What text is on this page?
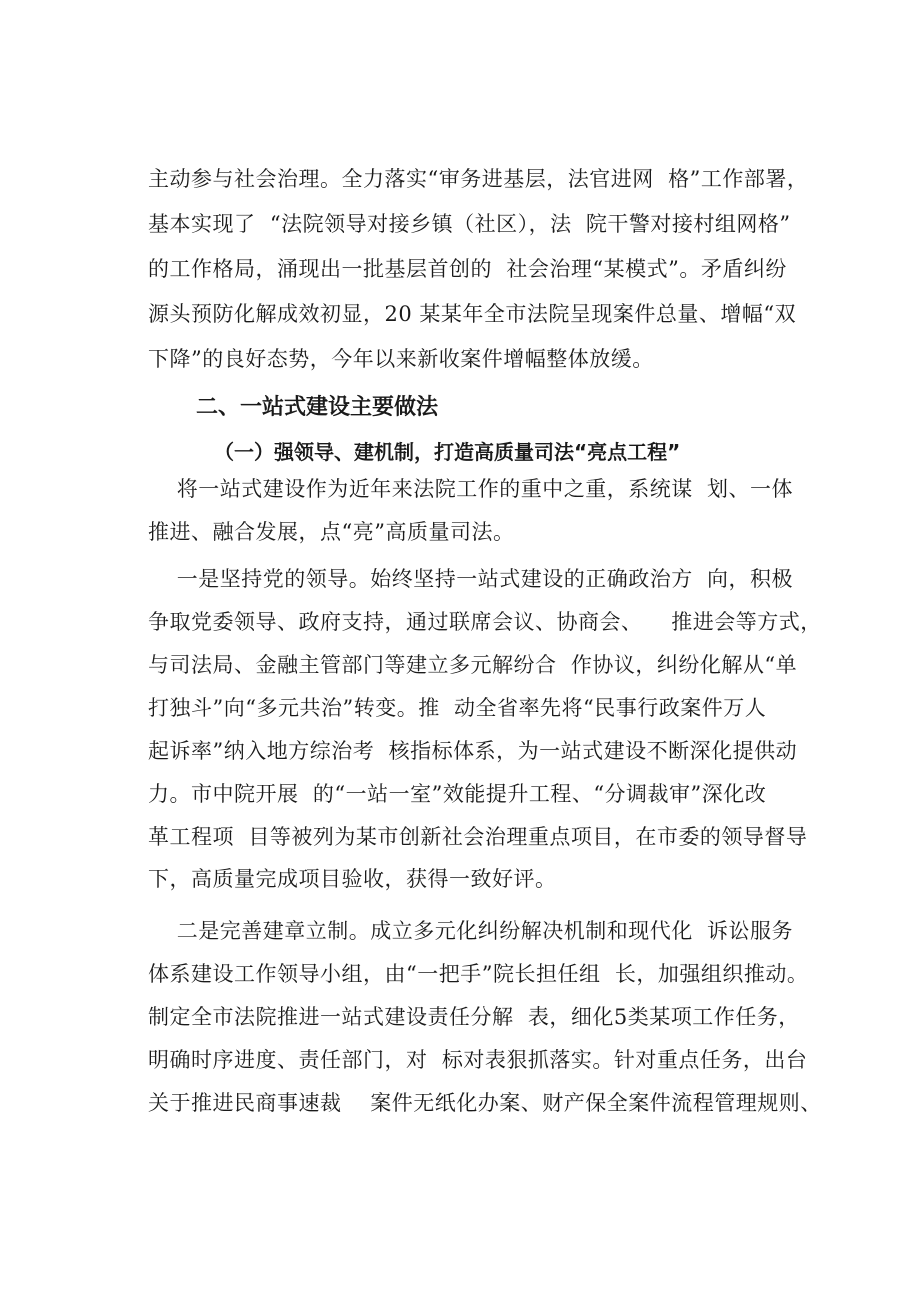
主动参与社会治理。全力落实“审务进基层，法官进网  格”工作部署，
基本实现了  “法院领导对接乡镇（社区），法  院干警对接村组网格”
的工作格局，涌现出一批基层首创的  社会治理“某模式”。矛盾纠纷
源头预防化解成效初显，20 某某年全市法院呈现案件总量、增幅“双
下降”的良好态势，今年以来新收案件增幅整体放缓。
二、一站式建设主要做法
（一）强领导、建机制，打造高质量司法“亮点工程”
将一站式建设作为近年来法院工作的重中之重，系统谋  划、一体
推进、融合发展，点“亮”高质量司法。
一是坚持党的领导。始终坚持一站式建设的正确政治方  向，积极
争取党委领导、政府支持，通过联席会议、协商会、    推进会等方式，
与司法局、金融主管部门等建立多元解纷合  作协议，纠纷化解从“单
打独斗”向“多元共治”转变。推  动全省率先将“民事行政案件万人
起诉率”纳入地方综治考  核指标体系，为一站式建设不断深化提供动
力。市中院开展  的“一站一室”效能提升工程、“分调裁审”深化改
革工程项  目等被列为某市创新社会治理重点项目，在市委的领导督导
下，高质量完成项目验收，获得一致好评。
二是完善建章立制。成立多元化纠纷解决机制和现代化  诉讼服务
体系建设工作领导小组，由“一把手”院长担任组  长，加强组织推动。
制定全市法院推进一站式建设责任分解  表，细化5类某项工作任务，
明确时序进度、责任部门，对  标对表狠抓落实。针对重点任务，出台
关于推进民商事速裁    案件无纸化办案、财产保全案件流程管理规则、
